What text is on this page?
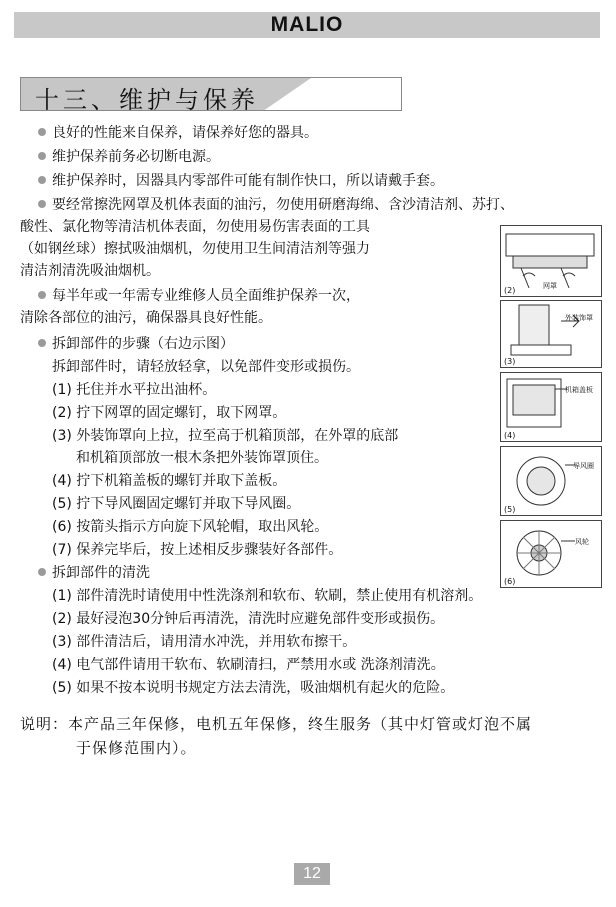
MALIO
十三、维护与保养
良好的性能来自保养，请保养好您的器具。
维护保养前务必切断电源。
维护保养时，因器具内零部件可能有制作快口，所以请戴手套。
要经常擦洗网罩及机体表面的油污，勿使用研磨海绵、含沙清洁剂、苏打、
酸性、氯化物等清洁机体表面，勿使用易伤害表面的工具
（如钢丝球）擦拭吸油烟机，勿使用卫生间清洁剂等强力
清洁剂清洗吸油烟机。
每半年或一年需专业维修人员全面维护保养一次，
清除各部位的油污，确保器具良好性能。
拆卸部件的步骤（右边示图）
拆卸部件时，请轻放轻拿，以免部件变形或损伤。
(1) 托住并水平拉出油杯。
(2) 拧下网罩的固定螺钉，取下网罩。
(3) 外装饰罩向上拉，拉至高于机箱顶部，在外罩的底部
和机箱顶部放一根木条把外装饰罩顶住。
(4) 拧下机箱盖板的螺钉并取下盖板。
(5) 拧下导风圈固定螺钉并取下导风圈。
(6) 按箭头指示方向旋下风轮帽，取出风轮。
(7) 保养完毕后，按上述相反步骤装好各部件。
拆卸部件的清洗
(1) 部件清洗时请使用中性洗涤剂和软布、软刷，禁止使用有机溶剂。
(2) 最好浸泡30分钟后再清洗，清洗时应避免部件变形或损伤。
(3) 部件清洁后，请用清水冲洗，并用软布擦干。
(4) 电气部件请用干软布、软刷清扫，严禁用水或 洗涤剂清洗。
(5) 如果不按本说明书规定方法去清洗，吸油烟机有起火的危险。
网罩
(2)
外装饰罩
(3)
机箱盖板
(4)
导风圈
(5)
风轮
(6)
说明：本产品三年保修，电机五年保修，终生服务（其中灯管或灯泡不属
于保修范围内）。
12
